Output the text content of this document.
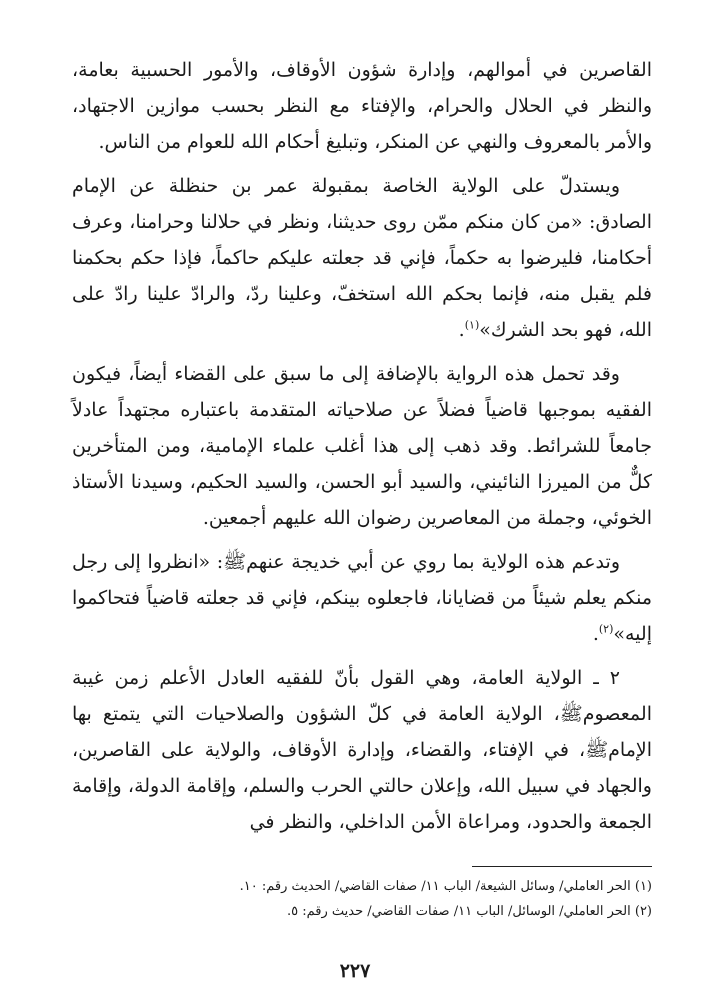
القاصرين في أموالهم، وإدارة شؤون الأوقاف، والأمور الحسبية بعامة، والنظر في الحلال والحرام، والإفتاء مع النظر بحسب موازين الاجتهاد، والأمر بالمعروف والنهي عن المنكر، وتبليغ أحكام الله للعوام من الناس.

ويستدلّ على الولاية الخاصة بمقبولة عمر بن حنظلة عن الإمام الصادق: «من كان منكم ممّن روى حديثنا، ونظر في حلالنا وحرامنا، وعرف أحكامنا، فليرضوا به حكماً، فإني قد جعلته عليكم حاكماً، فإذا حكم بحكمنا فلم يقبل منه، فإنما بحكم الله استخفّ، وعلينا ردّ، والرادّ علينا رادّ على الله، فهو بحد الشرك»$^{(١)}$.

وقد تحمل هذه الرواية بالإضافة إلى ما سبق على القضاء أيضاً، فيكون الفقيه بموجبها قاضياً فضلاً عن صلاحياته المتقدمة باعتباره مجتهداً عادلاً جامعاً للشرائط. وقد ذهب إلى هذا أغلب علماء الإمامية، ومن المتأخرين كلٌّ من الميرزا النائيني، والسيد أبو الحسن، والسيد الحكيم، وسيدنا الأستاذ الخوئي، وجملة من المعاصرين رضوان الله عليهم أجمعين.

وتدعم هذه الولاية بما روي عن أبي خديجة عنهمﷺ: «انظروا إلى رجل منكم يعلم شيئاً من قضايانا، فاجعلوه بينكم، فإني قد جعلته قاضياً فتحاكموا إليه»$^{(٢)}$.

٢ ـ الولاية العامة، وهي القول بأنّ للفقيه العادل الأعلم زمن غيبة المعصومﷺ، الولاية العامة في كلّ الشؤون والصلاحيات التي يتمتع بها الإمامﷺ، في الإفتاء، والقضاء، وإدارة الأوقاف، والولاية على القاصرين، والجهاد في سبيل الله، وإعلان حالتي الحرب والسلم، وإقامة الدولة، وإقامة الجمعة والحدود، ومراعاة الأمن الداخلي، والنظر في

(١) الحر العاملي/ وسائل الشيعة/ الباب ١١/ صفات القاضي/ الحديث رقم: ١٠.
(٢) الحر العاملي/ الوسائل/ الباب ١١/ صفات القاضي/ حديث رقم: ٥.
٢٢٧
